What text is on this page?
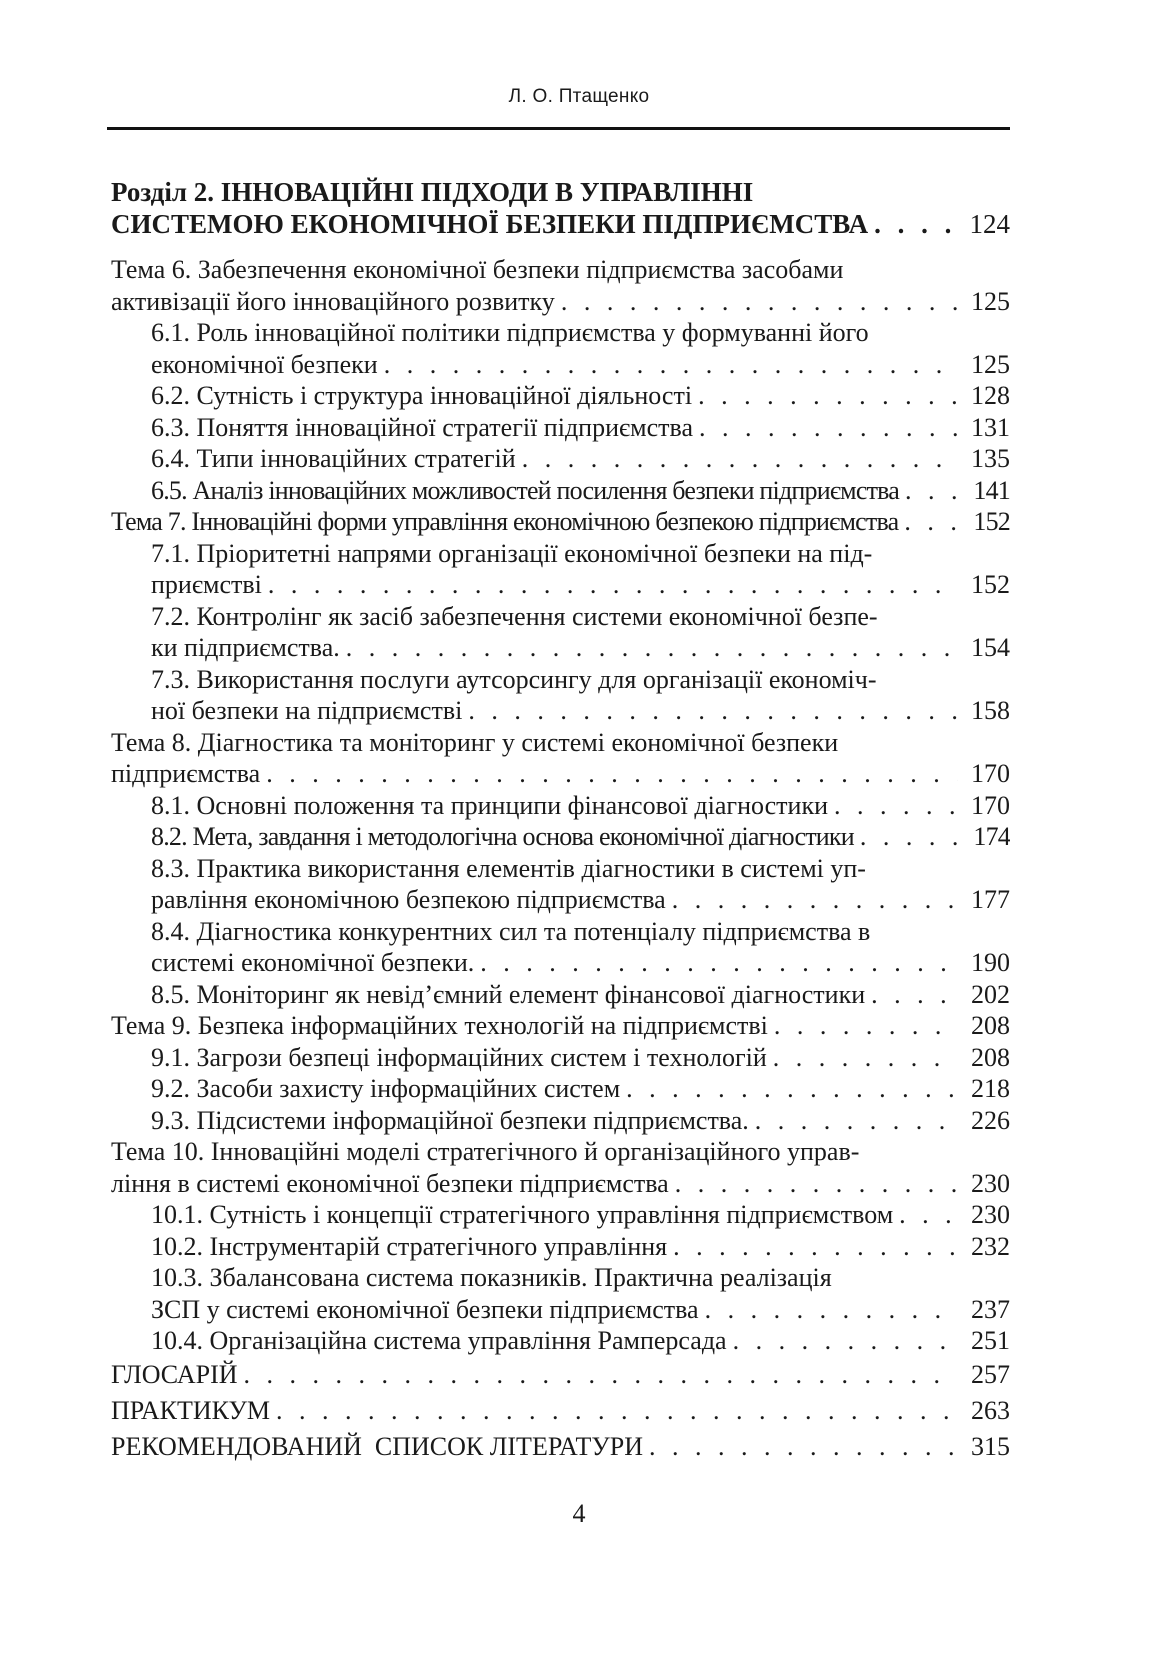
Л. О. Птащенко
Розділ 2. ІННОВАЦІЙНІ ПІДХОДИ В УПРАВЛІННІ
СИСТЕМОЮ ЕКОНОМІЧНОЇ БЕЗПЕКИ ПІДПРИЄМСТВА . . .	124
Тема 6. Забезпечення економічної безпеки підприємства засобами
активізації його інноваційного розвитку . . .	125
6.1. Роль інноваційної політики підприємства у формуванні його
економічної безпеки . . .	125
6.2. Сутність і структура інноваційної діяльності . . .	128
6.3. Поняття інноваційної стратегії підприємства . . .	131
6.4. Типи інноваційних стратегій . . .	135
6.5. Аналіз інноваційних можливостей посилення безпеки підприємства . . .	141
Тема 7. Інноваційні форми управління економічною безпекою підприємства . . .	152
7.1. Пріоритетні напрями організації економічної безпеки на під-
приємстві . . .	152
7.2. Контролінг як засіб забезпечення системи економічної безпе-
ки підприємства. . . .	154
7.3. Використання послуги аутсорсингу для організації економіч-
ної безпеки на підприємстві . . .	158
Тема 8. Діагностика та моніторинг у системі економічної безпеки
підприємства . . .	170
8.1. Основні положення та принципи фінансової діагностики . . .	170
8.2. Мета, завдання і методологічна основа економічної діагностики . . .	174
8.3. Практика використання елементів діагностики в системі уп-
равління економічною безпекою підприємства . . .	177
8.4. Діагностика конкурентних сил та потенціалу підприємства в
системі економічної безпеки. . . .	190
8.5. Моніторинг як невід’ємний елемент фінансової діагностики . . .	202
Тема 9. Безпека інформаційних технологій на підприємстві . . .	208
9.1. Загрози безпеці інформаційних систем і технологій . . .	208
9.2. Засоби захисту інформаційних систем . . .	218
9.3. Підсистеми інформаційної безпеки підприємства. . . .	226
Тема 10. Інноваційні моделі стратегічного й організаційного управ-
ління в системі економічної безпеки підприємства . . .	230
10.1. Сутність і концепції стратегічного управління підприємством . . .	230
10.2. Інструментарій стратегічного управління . . .	232
10.3. Збалансована система показників. Практична реалізація
ЗСП у системі економічної безпеки підприємства . . .	237
10.4. Організаційна система управління Рамперсада . . .	251
ГЛОСАРІЙ . . .	257
ПРАКТИКУМ . . .	263
РЕКОМЕНДОВАНИЙ  СПИСОК ЛІТЕРАТУРИ . . .	315
4
